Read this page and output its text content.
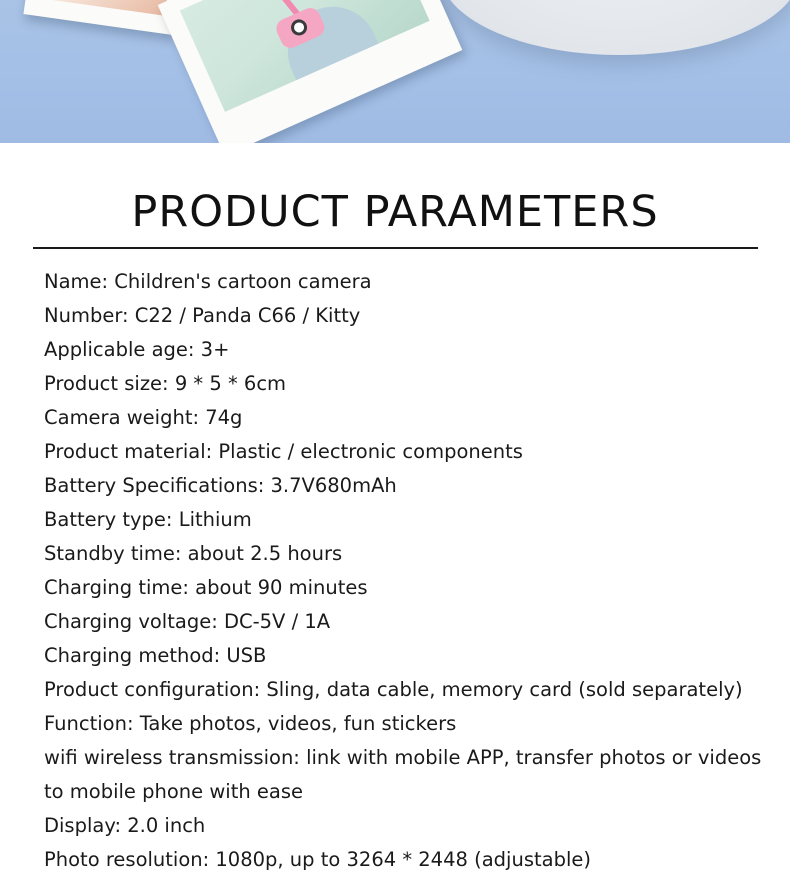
PRODUCT PARAMETERS
Name: Children's cartoon camera
Number: C22 / Panda C66 / Kitty
Applicable age: 3+
Product size: 9 * 5 * 6cm
Camera weight: 74g
Product material: Plastic / electronic components
Battery Specifications: 3.7V680mAh
Battery type: Lithium
Standby time: about 2.5 hours
Charging time: about 90 minutes
Charging voltage: DC-5V / 1A
Charging method: USB
Product configuration: Sling, data cable, memory card (sold separately)
Function: Take photos, videos, fun stickers
wifi wireless transmission: link with mobile APP, transfer photos or videos to mobile phone with ease
Display: 2.0 inch
Photo resolution: 1080p, up to 3264 * 2448 (adjustable)
